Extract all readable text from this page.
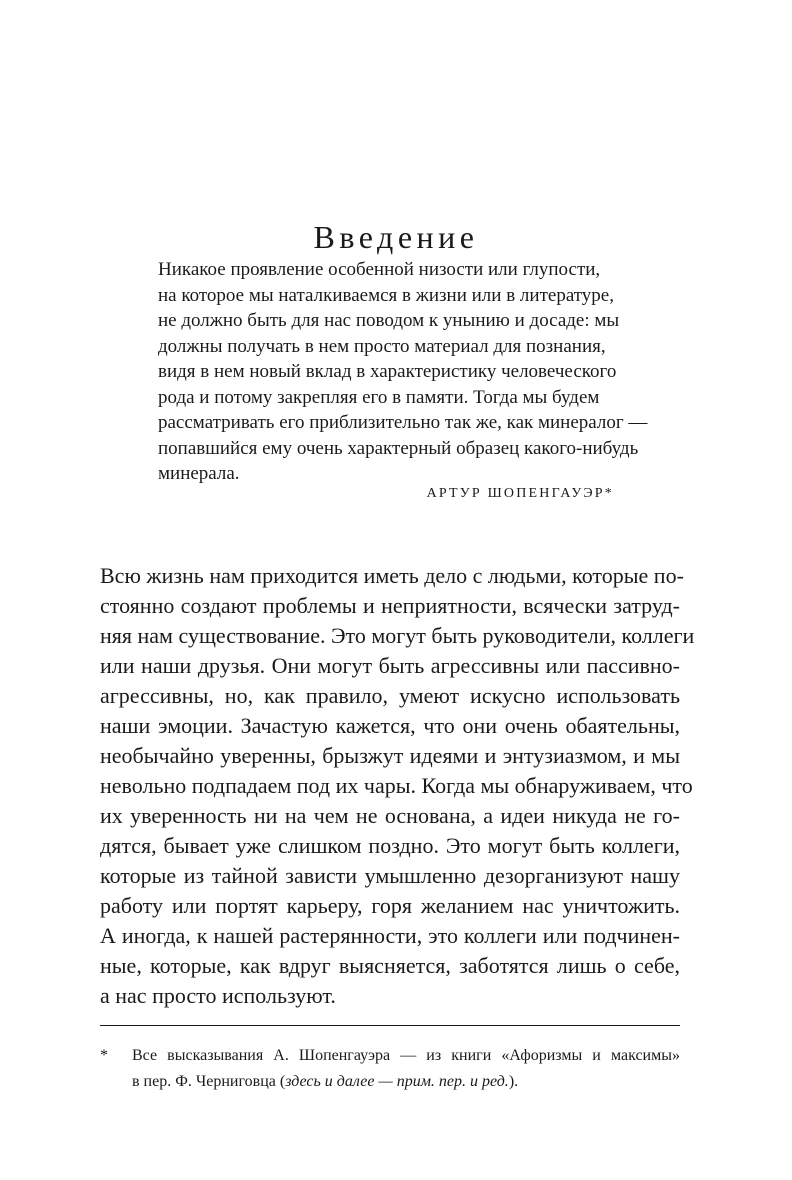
Введение
Никакое проявление особенной низости или глупости,
на которое мы наталкиваемся в жизни или в литературе,
не должно быть для нас поводом к унынию и досаде: мы
должны получать в нем просто материал для познания,
видя в нем новый вклад в характеристику человеческого
рода и потому закрепляя его в памяти. Тогда мы будем
рассматривать его приблизительно так же, как минералог —
попавшийся ему очень характерный образец какого-нибудь
минерала.
АРТУР ШОПЕНГАУЭР*
Всю жизнь нам приходится иметь дело с людьми, которые по-
стоянно создают проблемы и неприятности, всячески затруд-
няя нам существование. Это могут быть руководители, коллеги
или наши друзья. Они могут быть агрессивны или пассивно-
агрессивны, но, как правило, умеют искусно использовать
наши эмоции. Зачастую кажется, что они очень обаятельны,
необычайно уверенны, брызжут идеями и энтузиазмом, и мы
невольно подпадаем под их чары. Когда мы обнаруживаем, что
их уверенность ни на чем не основана, а идеи никуда не го-
дятся, бывает уже слишком поздно. Это могут быть коллеги,
которые из тайной зависти умышленно дезорганизуют нашу
работу или портят карьеру, горя желанием нас уничтожить.
А иногда, к нашей растерянности, это коллеги или подчинен-
ные, которые, как вдруг выясняется, заботятся лишь о себе,
а нас просто используют.
* Все высказывания А. Шопенгауэра — из книги «Афоризмы и максимы»
в пер. Ф. Черниговца (здесь и далее — прим. пер. и ред.).
